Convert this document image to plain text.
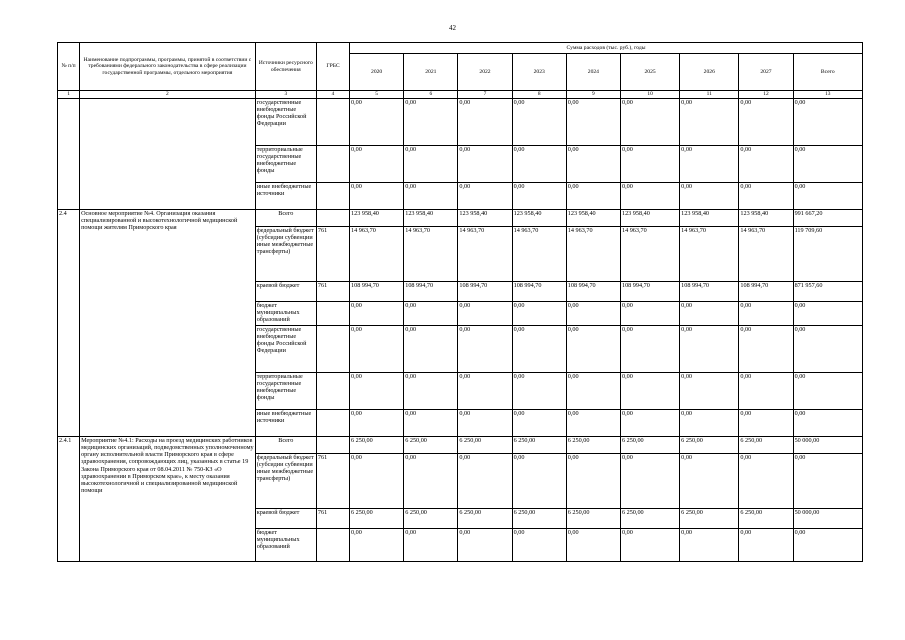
42
№ п/п	Наименование подпрограммы, программы, принятой в соответствии с требованиями федерального законодательства в сфере реализации государственной программы, отдельного мероприятия	Источники ресурсного обеспечения	ГРБС	Сумма расходов (тыс. руб.), годы								
				2020	2021	2022	2023	2024	2025	2026	2027	Всего
1	2	3	4	5	6	7	8	9	10	11	12	13
		государственные внебюджетные фонды Российской Федерации		0,00	0,00	0,00	0,00	0,00	0,00	0,00	0,00	0,00
		территориальные государственные внебюджетные фонды		0,00	0,00	0,00	0,00	0,00	0,00	0,00	0,00	0,00
		иные внебюджетные источники		0,00	0,00	0,00	0,00	0,00	0,00	0,00	0,00	0,00
2.4	Основное мероприятие №4. Организация оказания специализированной и высокотехнологичной медицинской помощи жителям Приморского края	Всего		123 958,40	123 958,40	123 958,40	123 958,40	123 958,40	123 958,40	123 958,40	123 958,40	991 667,20
		федеральный бюджет (субсидии субвенции иные межбюджетные трансферты)	761	14 963,70	14 963,70	14 963,70	14 963,70	14 963,70	14 963,70	14 963,70	14 963,70	119 709,60
		краевой бюджет	761	108 994,70	108 994,70	108 994,70	108 994,70	108 994,70	108 994,70	108 994,70	108 994,70	871 957,60
		бюджет муниципальных образований		0,00	0,00	0,00	0,00	0,00	0,00	0,00	0,00	0,00
		государственные внебюджетные фонды Российской Федерации		0,00	0,00	0,00	0,00	0,00	0,00	0,00	0,00	0,00
		территориальные государственные внебюджетные фонды		0,00	0,00	0,00	0,00	0,00	0,00	0,00	0,00	0,00
		иные внебюджетные источники		0,00	0,00	0,00	0,00	0,00	0,00	0,00	0,00	0,00
2.4.1	Мероприятие №4.1: Расходы на проезд медицинских работников медицинских организаций, подведомственных уполномоченному органу исполнительной власти Приморского края в сфере здравоохранения, сопровождающих лиц, указанных в статье 19 Закона Приморского края от 08.04.2011 № 750-КЗ «О здравоохранении в Приморском крае», к месту оказания высокотехнологичной и специализированной медицинской помощи	Всего		6 250,00	6 250,00	6 250,00	6 250,00	6 250,00	6 250,00	6 250,00	6 250,00	50 000,00
		федеральный бюджет (субсидии субвенции иные межбюджетные трансферты)	761	0,00	0,00	0,00	0,00	0,00	0,00	0,00	0,00	0,00
		краевой бюджет	761	6 250,00	6 250,00	6 250,00	6 250,00	6 250,00	6 250,00	6 250,00	6 250,00	50 000,00
		бюджет муниципальных образований		0,00	0,00	0,00	0,00	0,00	0,00	0,00	0,00	0,00
